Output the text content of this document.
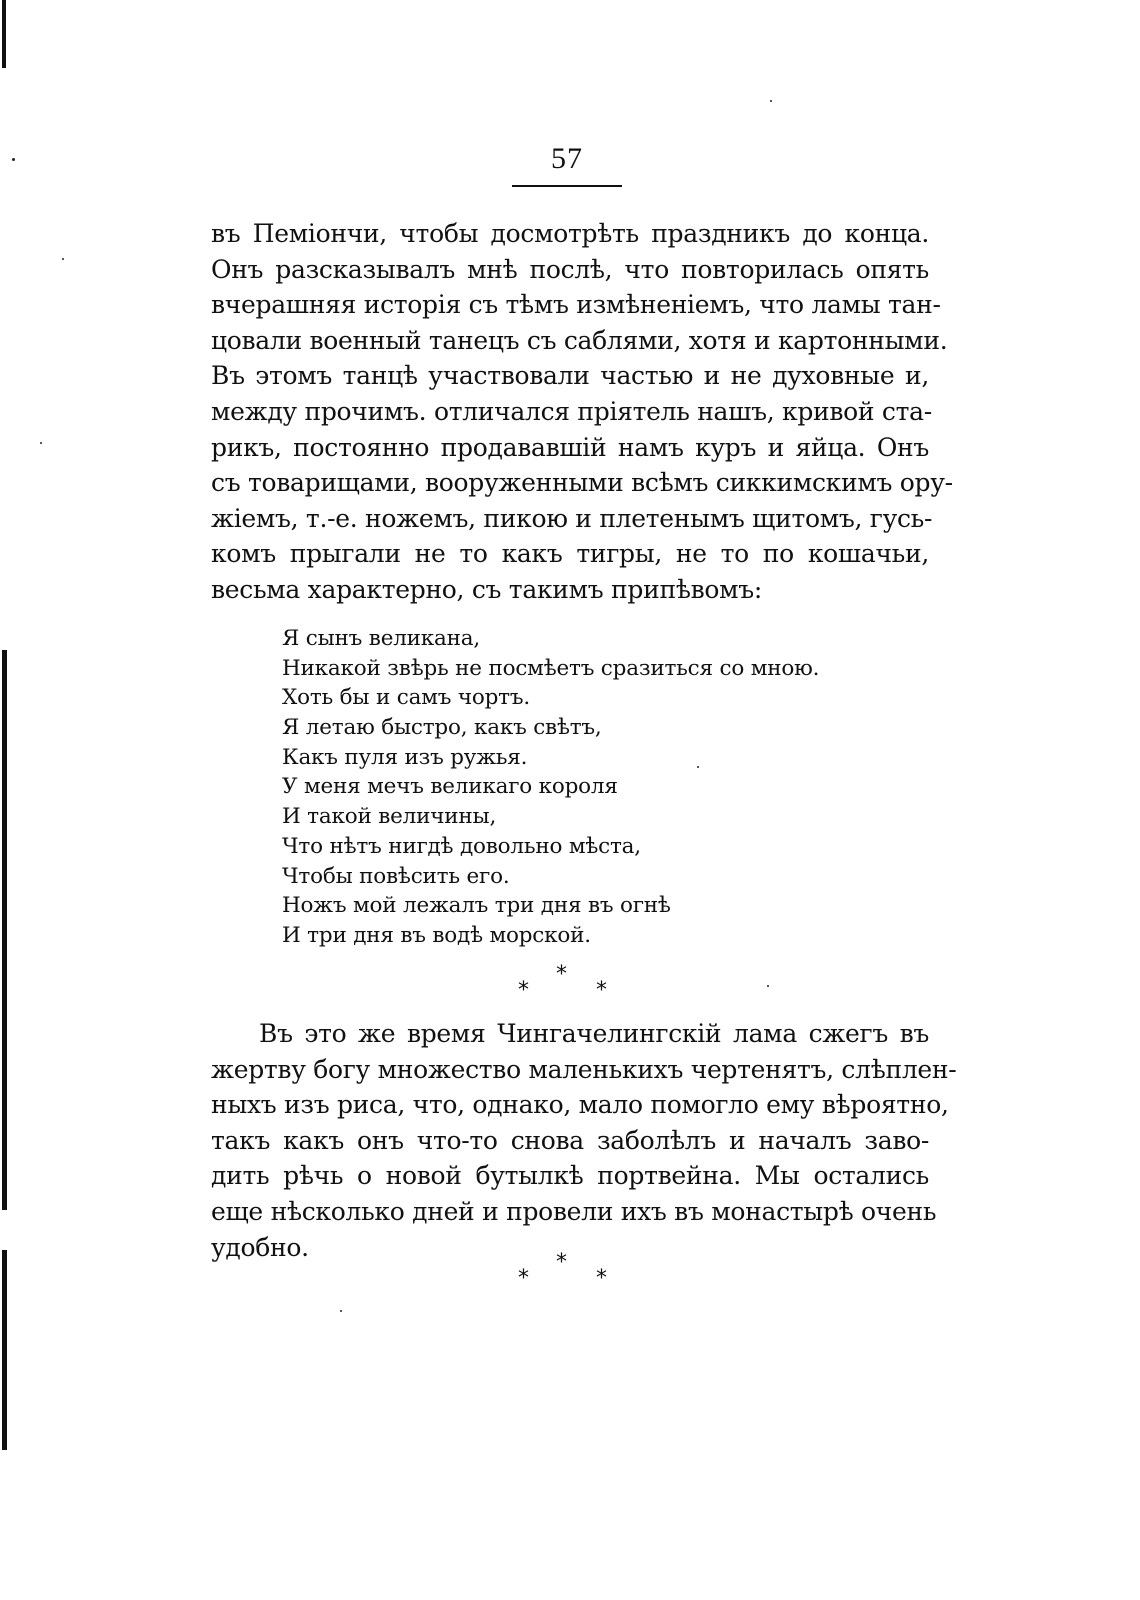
57
въ Пемiончи, чтобы досмотрѣть праздникъ до конца.
Онъ разсказывалъ мнѣ послѣ, что повторилась опять
вчерашняя исторiя съ тѣмъ измѣненiемъ, что ламы тан-
цовали военный танецъ съ саблями, хотя и картонными.
Въ этомъ танцѣ участвовали частью и не духовные и,
между прочимъ. отличался прiятель нашъ, кривой ста-
рикъ, постоянно продававшiй намъ куръ и яйца. Онъ
съ товарищами, вооруженными всѣмъ сиккимскимъ ору-
жiемъ, т.-е. ножемъ, пикою и плетенымъ щитомъ, гусь-
комъ прыгали не то какъ тигры, не то по кошачьи,
весьма характерно, съ такимъ припѣвомъ:
Я сынъ великана,
Никакой звѣрь не посмѣетъ сразиться со мною.
Хоть бы и самъ чортъ.
Я летаю быстро, какъ свѣтъ,
Какъ пуля изъ ружья.
У меня мечъ великаго короля
И такой величины,
Что нѣтъ нигдѣ довольно мѣста,
Чтобы повѣсить его.
Ножъ мой лежалъ три дня въ огнѣ
И три дня въ водѣ морской.
*
*
*
Въ это же время Чингачелингскiй лама сжегъ въ
жертву богу множество маленькихъ чертенятъ, слѣплен-
ныхъ изъ риса, что, однако, мало помогло ему вѣроятно,
такъ какъ онъ что-то снова заболѣлъ и началъ заво-
дить рѣчь о новой бутылкѣ портвейна. Мы остались
еще нѣсколько дней и провели ихъ въ монастырѣ очень
удобно.
*
*
*
